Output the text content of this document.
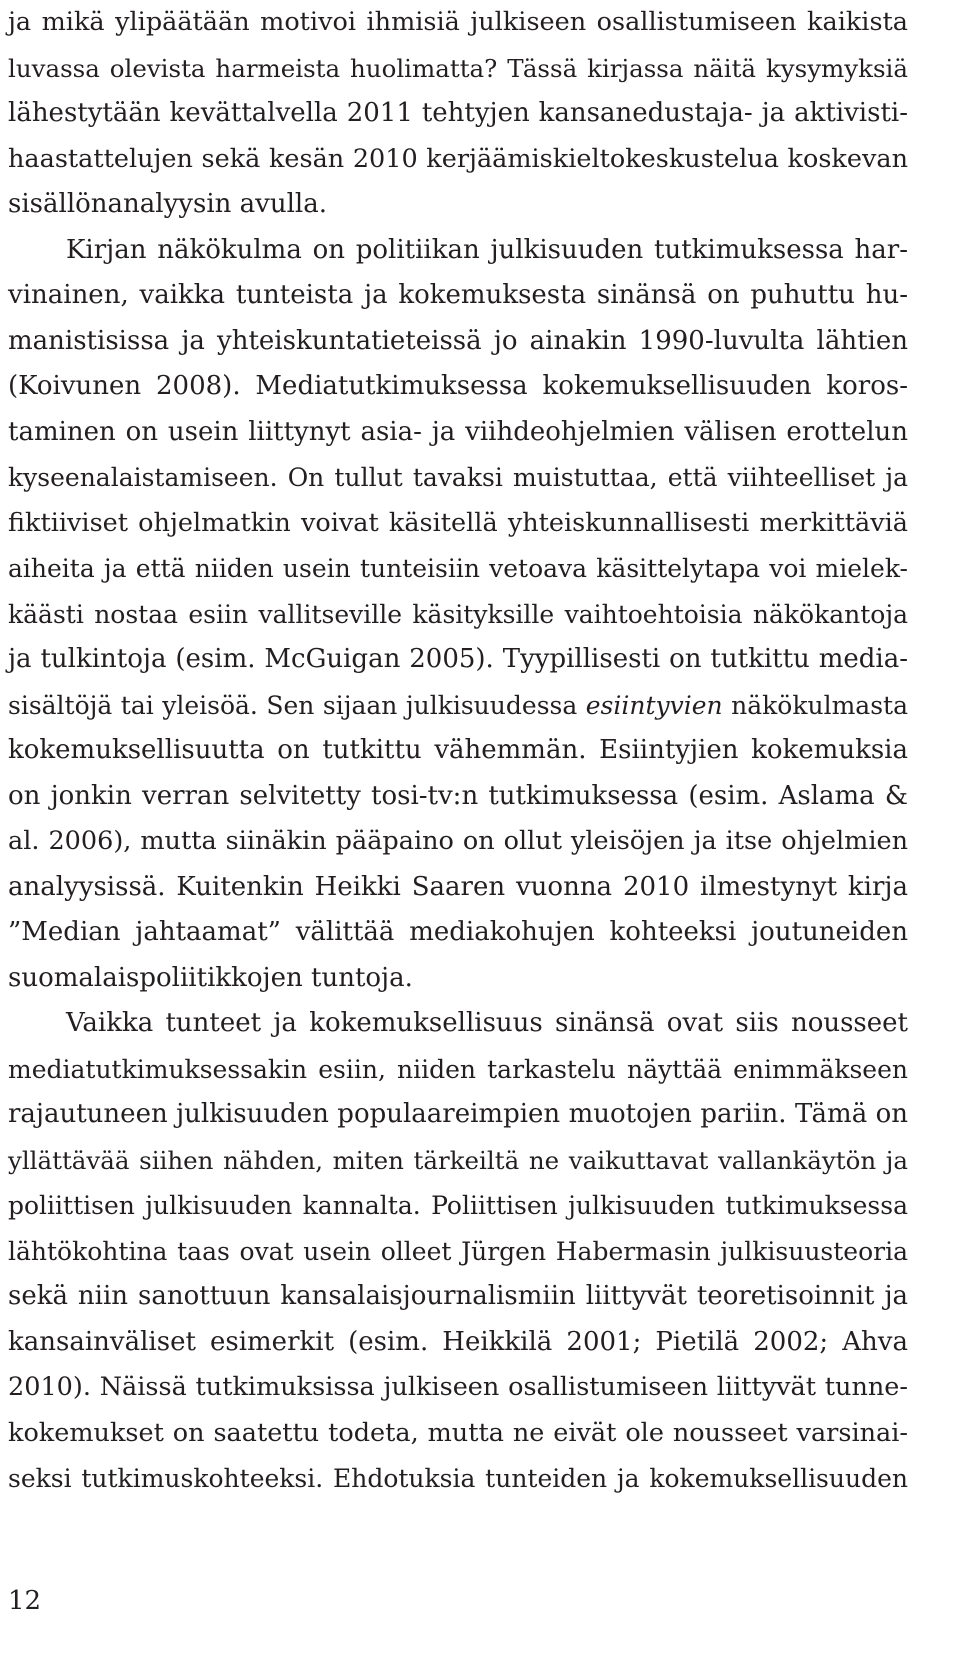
ja mikä ylipäätään motivoi ihmisiä julkiseen osallistumiseen kaikista
luvassa olevista harmeista huolimatta? Tässä kirjassa näitä kysymyksiä
lähestytään kevättalvella 2011 tehtyjen kansanedustaja- ja aktivisti-
haastattelujen sekä kesän 2010 kerjäämiskieltokeskustelua koskevan
sisällönanalyysin avulla.
Kirjan näkökulma on politiikan julkisuuden tutkimuksessa har-
vinainen, vaikka tunteista ja kokemuksesta sinänsä on puhuttu hu-
manistisissa ja yhteiskuntatieteissä jo ainakin 1990-luvulta lähtien
(Koivunen 2008). Mediatutkimuksessa kokemuksellisuuden koros-
taminen on usein liittynyt asia- ja viihdeohjelmien välisen erottelun
kyseenalaistamiseen. On tullut tavaksi muistuttaa, että viihteelliset ja
fiktiiviset ohjelmatkin voivat käsitellä yhteiskunnallisesti merkittäviä
aiheita ja että niiden usein tunteisiin vetoava käsittelytapa voi mielek-
käästi nostaa esiin vallitseville käsityksille vaihtoehtoisia näkökantoja
ja tulkintoja (esim. McGuigan 2005). Tyypillisesti on tutkittu media-
sisältöjä tai yleisöä. Sen sijaan julkisuudessa esiintyvien näkökulmasta
kokemuksellisuutta on tutkittu vähemmän. Esiintyjien kokemuksia
on jonkin verran selvitetty tosi-tv:n tutkimuksessa (esim. Aslama &
al. 2006), mutta siinäkin pääpaino on ollut yleisöjen ja itse ohjelmien
analyysissä. Kuitenkin Heikki Saaren vuonna 2010 ilmestynyt kirja
”Median jahtaamat” välittää mediakohujen kohteeksi joutuneiden
suomalaispoliitikkojen tuntoja.
Vaikka tunteet ja kokemuksellisuus sinänsä ovat siis nousseet
mediatutkimuksessakin esiin, niiden tarkastelu näyttää enimmäkseen
rajautuneen julkisuuden populaareimpien muotojen pariin. Tämä on
yllättävää siihen nähden, miten tärkeiltä ne vaikuttavat vallankäytön ja
poliittisen julkisuuden kannalta. Poliittisen julkisuuden tutkimuksessa
lähtökohtina taas ovat usein olleet Jürgen Habermasin julkisuusteoria
sekä niin sanottuun kansalaisjournalismiin liittyvät teoretisoinnit ja
kansainväliset esimerkit (esim. Heikkilä 2001; Pietilä 2002; Ahva
2010). Näissä tutkimuksissa julkiseen osallistumiseen liittyvät tunne-
kokemukset on saatettu todeta, mutta ne eivät ole nousseet varsinai-
seksi tutkimuskohteeksi. Ehdotuksia tunteiden ja kokemuksellisuuden
12
